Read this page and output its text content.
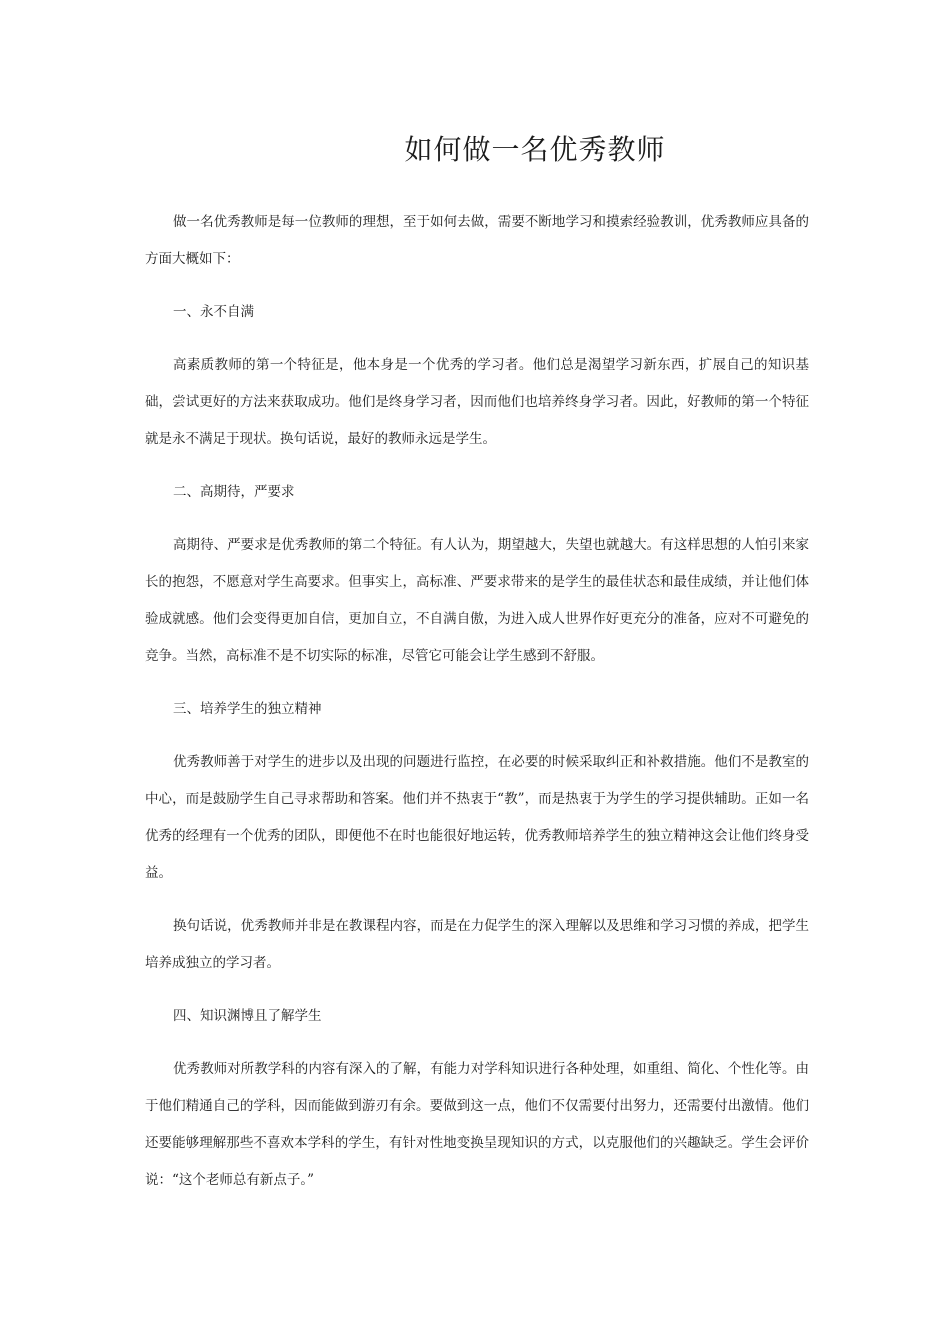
如何做一名优秀教师

做一名优秀教师是每一位教师的理想，至于如何去做，需要不断地学习和摸索经验教训，优秀教师应具备的方面大概如下：

一、永不自满

高素质教师的第一个特征是，他本身是一个优秀的学习者。他们总是渴望学习新东西，扩展自己的知识基础，尝试更好的方法来获取成功。他们是终身学习者，因而他们也培养终身学习者。因此，好教师的第一个特征就是永不满足于现状。换句话说，最好的教师永远是学生。

二、高期待，严要求

高期待、严要求是优秀教师的第二个特征。有人认为，期望越大，失望也就越大。有这样思想的人怕引来家长的抱怨，不愿意对学生高要求。但事实上，高标准、严要求带来的是学生的最佳状态和最佳成绩，并让他们体验成就感。他们会变得更加自信，更加自立，不自满自傲，为进入成人世界作好更充分的准备，应对不可避免的竞争。当然，高标准不是不切实际的标准，尽管它可能会让学生感到不舒服。

三、培养学生的独立精神

优秀教师善于对学生的进步以及出现的问题进行监控，在必要的时候采取纠正和补救措施。他们不是教室的中心，而是鼓励学生自己寻求帮助和答案。他们并不热衷于“教”，而是热衷于为学生的学习提供辅助。正如一名优秀的经理有一个优秀的团队，即便他不在时也能很好地运转，优秀教师培养学生的独立精神这会让他们终身受益。

换句话说，优秀教师并非是在教课程内容，而是在力促学生的深入理解以及思维和学习习惯的养成，把学生培养成独立的学习者。

四、知识渊博且了解学生

优秀教师对所教学科的内容有深入的了解，有能力对学科知识进行各种处理，如重组、简化、个性化等。由于他们精通自己的学科，因而能做到游刃有余。要做到这一点，他们不仅需要付出努力，还需要付出激情。他们还要能够理解那些不喜欢本学科的学生，有针对性地变换呈现知识的方式，以克服他们的兴趣缺乏。学生会评价说：“这个老师总有新点子。”
